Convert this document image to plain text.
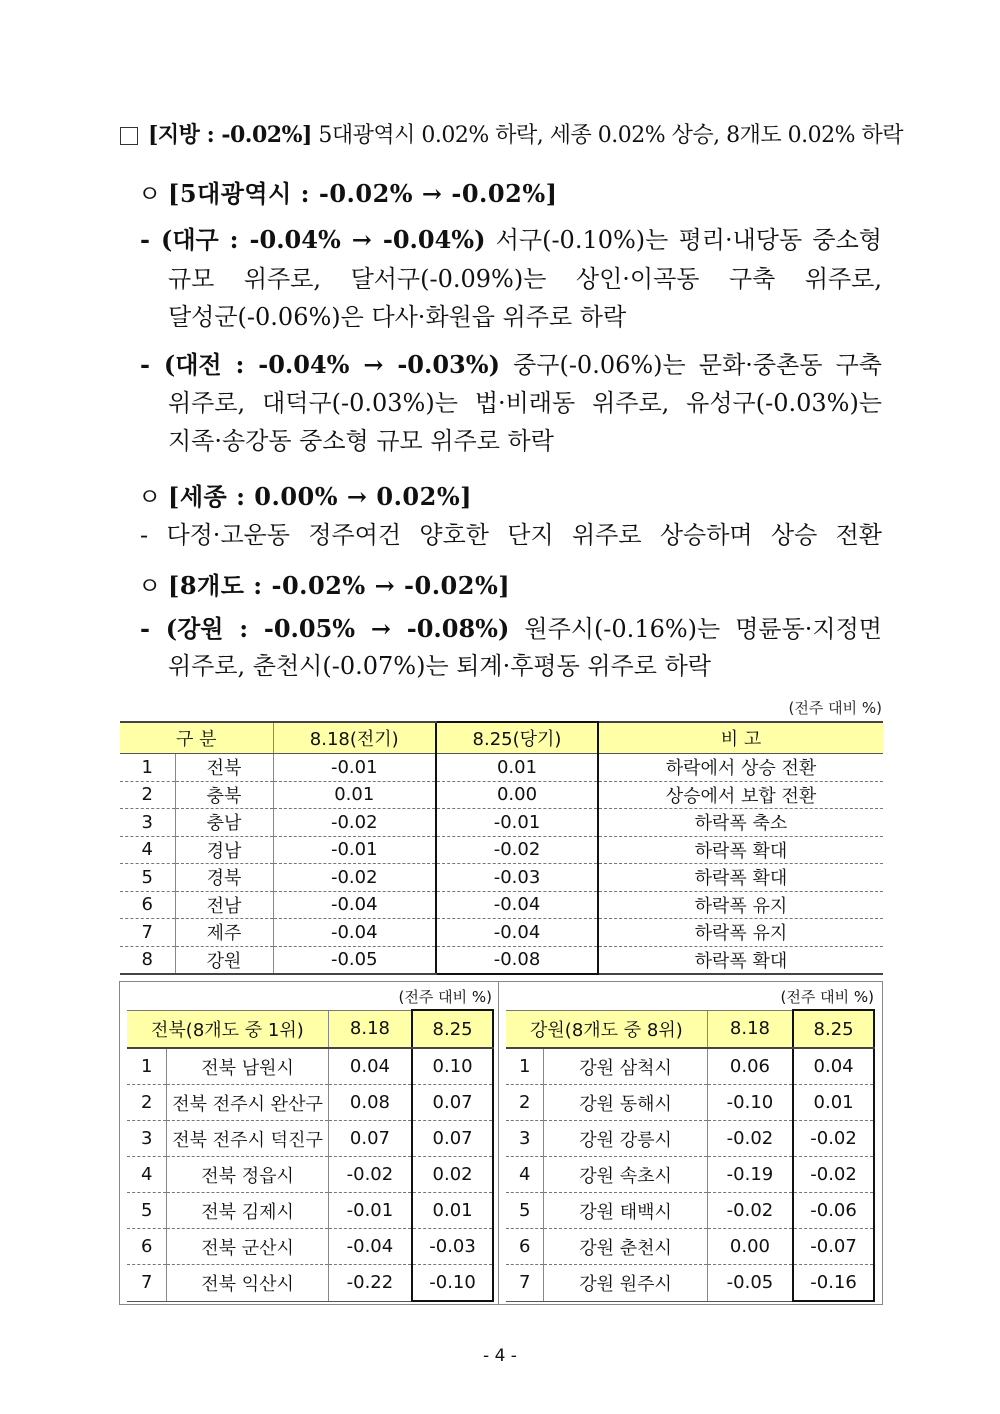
[지방 : -0.02%] 5대광역시 0.02% 하락, 세종 0.02% 상승, 8개도 0.02% 하락
ㅇ [5대광역시 : -0.02% → -0.02%]
- (대구 : -0.04% → -0.04%) 서구(-0.10%)는 평리·내당동 중소형
규모 위주로, 달서구(-0.09%)는 상인·이곡동 구축 위주로,
달성군(-0.06%)은 다사·화원읍 위주로 하락
- (대전 : -0.04% → -0.03%) 중구(-0.06%)는 문화·중촌동 구축
위주로, 대덕구(-0.03%)는 법·비래동 위주로, 유성구(-0.03%)는
지족·송강동 중소형 규모 위주로 하락
ㅇ [세종 : 0.00% → 0.02%]
- 다정·고운동 정주여건 양호한 단지 위주로 상승하며 상승 전환
ㅇ [8개도 : -0.02% → -0.02%]
- (강원 : -0.05% → -0.08%) 원주시(-0.16%)는 명륜동·지정면
위주로, 춘천시(-0.07%)는 퇴계·후평동 위주로 하락
(전주 대비 %)
구 분		8.18(전기)	8.25(당기)	비 고
1	전북	-0.01	0.01	하락에서 상승 전환
2	충북	0.01	0.00	상승에서 보합 전환
3	충남	-0.02	-0.01	하락폭 축소
4	경남	-0.01	-0.02	하락폭 확대
5	경북	-0.02	-0.03	하락폭 확대
6	전남	-0.04	-0.04	하락폭 유지
7	제주	-0.04	-0.04	하락폭 유지
8	강원	-0.05	-0.08	하락폭 확대
(전주 대비 %)
전북(8개도 중 1위)		8.18	8.25
1	전북 남원시	0.04	0.10
2	전북 전주시 완산구	0.08	0.07
3	전북 전주시 덕진구	0.07	0.07
4	전북 정읍시	-0.02	0.02
5	전북 김제시	-0.01	0.01
6	전북 군산시	-0.04	-0.03
7	전북 익산시	-0.22	-0.10
(전주 대비 %)
강원(8개도 중 8위)		8.18	8.25
1	강원 삼척시	0.06	0.04
2	강원 동해시	-0.10	0.01
3	강원 강릉시	-0.02	-0.02
4	강원 속초시	-0.19	-0.02
5	강원 태백시	-0.02	-0.06
6	강원 춘천시	0.00	-0.07
7	강원 원주시	-0.05	-0.16
- 4 -
